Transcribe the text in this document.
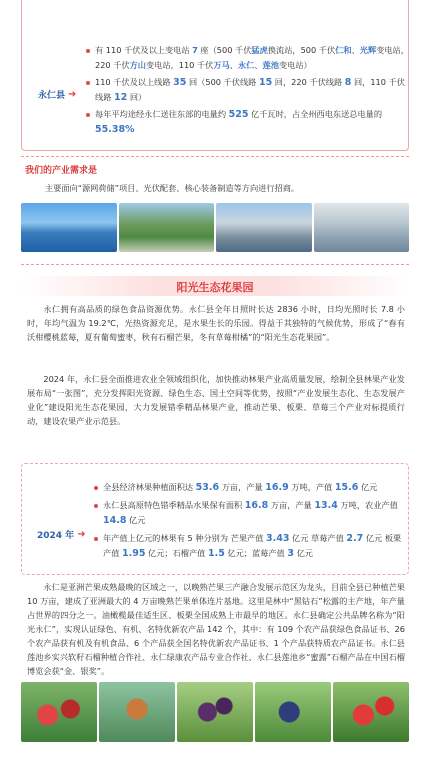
永仁县 ➜
有 110 千伏及以上变电站 7 座（500 千伏猛虎换流站，500 千伏仁和、光辉变电站，220 千伏方山变电站，110 千伏万马、永仁、莲池变电站）
110 千伏及以上线路 35 回（500 千伏线路 15 回，220 千伏线路 8 回，110 千伏线路 12 回）
每年平均途经永仁送往东部的电量约 525 亿千瓦时，占全州西电东送总电量的 55.38%
我们的产业需求是
主要面向“源网荷储”项目、光伏配套、核心装备制造等方向进行招商。
阳光生态花果园
永仁拥有高品质的绿色食品资源优势。永仁县全年日照时长达 2836 小时，日均光照时长 7.8 小时，年均气温为 19.2℃，光热资源充足，是水果生长的乐园。得益于其独特的气候优势，形成了“春有沃柑樱桃蓝莓，夏有葡萄蜜枣，秋有石榴芒果，冬有草莓柑橘”的“阳光生态花果园”。
2024 年，永仁县全面推进农业全领域组织化，加快推动林果产业高质量发展，绘制全县林果产业发展布局“一张图”，充分发挥阳光资源、绿色生态、国土空间等优势，按照“产业发展生态化、生态发展产业化”建设阳光生态花果园，大力发展错季精品林果产业，推动芒果、板栗、草莓三个产业对标提质行动，建设农果产业示范县。
2024 年 ➜
全县经济林果种植面积达 53.6 万亩，产量 16.9 万吨，产值 15.6 亿元
永仁县高原特色错季精品水果保有面积 16.8 万亩，产量 13.4 万吨，农业产值 14.8 亿元
年产值上亿元的林果有 5 种分别为 芒果产值 3.43 亿元 草莓产值 2.7 亿元 板栗产值 1.95 亿元；石榴产值 1.5 亿元；蓝莓产值 3 亿元
永仁是亚洲芒果成熟最晚的区域之一，以晚熟芒果三产融合发展示范区为龙头，目前全县已种植芒果 10 万亩，建成了亚洲最大的 4 万亩晚熟芒果单体连片基地。这里是林中“黑钻石”松露的主产地，年产量占世界的四分之一。油橄榄最佳适生区、板栗全国成熟上市最早的地区。永仁县确定公共品牌名称为“阳光永仁”，实现认证绿色、有机、名特优新农产品 142 个，其中：有 109 个农产品获绿色食品证书、26 个农产品获有机及有机食品、6 个产品获全国名特优新农产品证书、1 个产品获特质农产品证书。永仁县莲池乡实兴软籽石榴种植合作社、永仁绿康农产品专业合作社、永仁县莲池乡“蜜露”石榴产品在中国石榴博览会获“金、银奖”。
